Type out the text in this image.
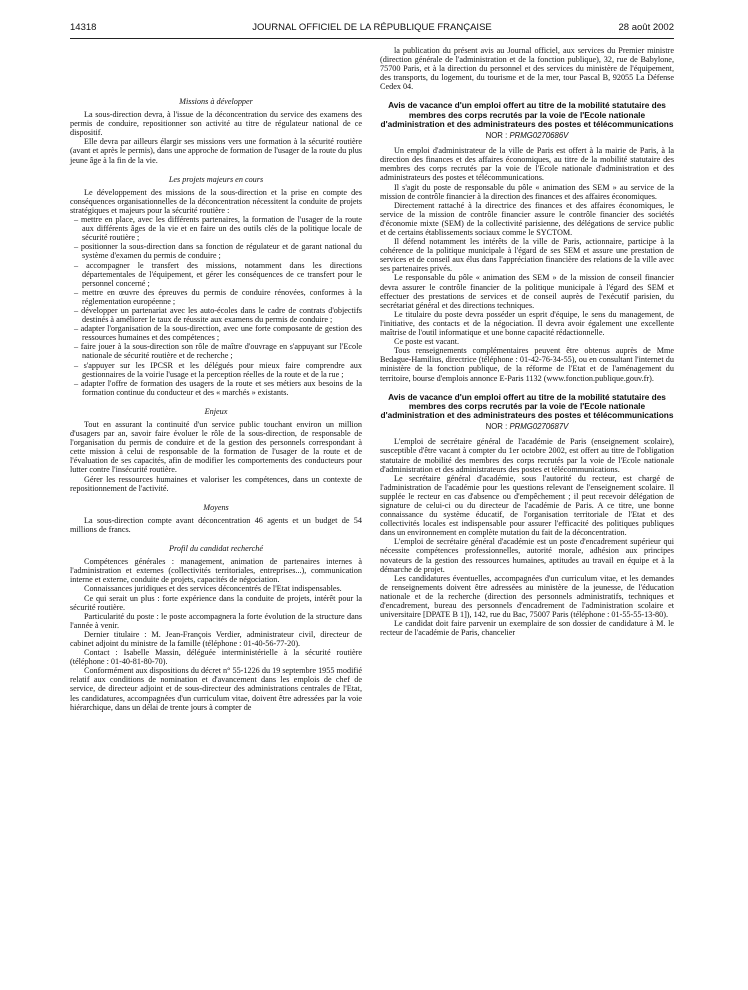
14318	JOURNAL OFFICIEL DE LA RÉPUBLIQUE FRANÇAISE	28 août 2002
Missions à développer

La sous-direction devra, à l'issue de la déconcentration du service des examens des permis de conduire, repositionner son activité au titre de régulateur national de ce dispositif.

Elle devra par ailleurs élargir ses missions vers une formation à la sécurité routière (avant et après le permis), dans une approche de formation de l'usager de la route du plus jeune âge à la fin de la vie.

Les projets majeurs en cours

Le développement des missions de la sous-direction et la prise en compte des conséquences organisationnelles de la déconcentration nécessitent la conduite de projets stratégiques et majeurs pour la sécurité routière :

– mettre en place, avec les différents partenaires, la formation de l'usager de la route aux différents âges de la vie et en faire un des outils clés de la politique locale de sécurité routière ;
– positionner la sous-direction dans sa fonction de régulateur et de garant national du système d'examen du permis de conduire ;
– accompagner le transfert des missions, notamment dans les directions départementales de l'équipement, et gérer les conséquences de ce transfert pour le personnel concerné ;
– mettre en œuvre des épreuves du permis de conduire rénovées, conformes à la réglementation européenne ;
– développer un partenariat avec les auto-écoles dans le cadre de contrats d'objectifs destinés à améliorer le taux de réussite aux examens du permis de conduire ;
– adapter l'organisation de la sous-direction, avec une forte composante de gestion des ressources humaines et des compétences ;
– faire jouer à la sous-direction son rôle de maître d'ouvrage en s'appuyant sur l'Ecole nationale de sécurité routière et de recherche ;
– s'appuyer sur les IPCSR et les délégués pour mieux faire comprendre aux gestionnaires de la voirie l'usage et la perception réelles de la route et de la rue ;
– adapter l'offre de formation des usagers de la route et ses métiers aux besoins de la formation continue du conducteur et des « marchés » existants.
Enjeux

Tout en assurant la continuité d'un service public touchant environ un million d'usagers par an, savoir faire évoluer le rôle de la sous-direction, de responsable de l'organisation du permis de conduire et de la gestion des personnels correspondant à cette mission à celui de responsable de la formation de l'usager de la route et de l'évaluation de ses capacités, afin de modifier les comportements des conducteurs pour lutter contre l'insécurité routière.

Gérer les ressources humaines et valoriser les compétences, dans un contexte de repositionnement de l'activité.

Moyens

La sous-direction compte avant déconcentration 46 agents et un budget de 54 millions de francs.

Profil du candidat recherché

Compétences générales : management, animation de partenaires internes à l'administration et externes (collectivités territoriales, entreprises...), communication interne et externe, conduite de projets, capacités de négociation.

Connaissances juridiques et des services déconcentrés de l'Etat indispensables.

Ce qui serait un plus : forte expérience dans la conduite de projets, intérêt pour la sécurité routière.

Particularité du poste : le poste accompagnera la forte évolution de la structure dans l'année à venir.

Dernier titulaire : M. Jean-François Verdier, administrateur civil, directeur de cabinet adjoint du ministre de la famille (téléphone : 01-40-56-77-20).

Contact : Isabelle Massin, déléguée interministérielle à la sécurité routière (téléphone : 01-40-81-80-70).

Conformément aux dispositions du décret n° 55-1226 du 19 septembre 1955 modifié relatif aux conditions de nomination et d'avancement dans les emplois de chef de service, de directeur adjoint et de sous-directeur des administrations centrales de l'Etat, les candidatures, accompagnées d'un curriculum vitae, doivent être adressées par la voie hiérarchique, dans un délai de trente jours à compter de

la publication du présent avis au Journal officiel, aux services du Premier ministre (direction générale de l'administration et de la fonction publique), 32, rue de Babylone, 75700 Paris, et à la direction du personnel et des services du ministère de l'équipement, des transports, du logement, du tourisme et de la mer, tour Pascal B, 92055 La Défense Cedex 04.

Avis de vacance d'un emploi offert au titre de la mobilité statutaire des membres des corps recrutés par la voie de l'Ecole nationale d'administration et des administrateurs des postes et télécommunications
NOR : PRMG0270686V

Un emploi d'administrateur de la ville de Paris est offert à la mairie de Paris, à la direction des finances et des affaires économiques, au titre de la mobilité statutaire des membres des corps recrutés par la voie de l'Ecole nationale d'administration et des administrateurs des postes et télécommunications.

Il s'agit du poste de responsable du pôle « animation des SEM » au service de la mission de contrôle financier à la direction des finances et des affaires économiques.

Directement rattaché à la directrice des finances et des affaires économiques, le service de la mission de contrôle financier assure le contrôle financier des sociétés d'économie mixte (SEM) de la collectivité parisienne, des délégations de service public et de certains établissements sociaux comme le SYCTOM.

Il défend notamment les intérêts de la ville de Paris, actionnaire, participe à la cohérence de la politique municipale à l'égard de ses SEM et assure une prestation de services et de conseil aux élus dans l'appréciation financière des relations de la ville avec ses partenaires privés.

Le responsable du pôle « animation des SEM » de la mission de conseil financier devra assurer le contrôle financier de la politique municipale à l'égard des SEM et effectuer des prestations de services et de conseil auprès de l'exécutif parisien, du secrétariat général et des directions techniques.

Le titulaire du poste devra posséder un esprit d'équipe, le sens du management, de l'initiative, des contacts et de la négociation. Il devra avoir également une excellente maîtrise de l'outil informatique et une bonne capacité rédactionnelle.

Ce poste est vacant.

Tous renseignements complémentaires peuvent être obtenus auprès de Mme Bedague-Hamilius, directrice (téléphone : 01-42-76-34-55), ou en consultant l'internet du ministère de la fonction publique, de la réforme de l'Etat et de l'aménagement du territoire, bourse d'emplois annonce E-Paris 1132 (www.fonction.publique.gouv.fr).

Avis de vacance d'un emploi offert au titre de la mobilité statutaire des membres des corps recrutés par la voie de l'Ecole nationale d'administration et des administrateurs des postes et télécommunications
NOR : PRMG0270687V

L'emploi de secrétaire général de l'académie de Paris (enseignement scolaire), susceptible d'être vacant à compter du 1er octobre 2002, est offert au titre de l'obligation statutaire de mobilité des membres des corps recrutés par la voie de l'Ecole nationale d'administration et des administrateurs des postes et télécommunications.

Le secrétaire général d'académie, sous l'autorité du recteur, est chargé de l'administration de l'académie pour les questions relevant de l'enseignement scolaire. Il supplée le recteur en cas d'absence ou d'empêchement ; il peut recevoir délégation de signature de celui-ci ou du directeur de l'académie de Paris. A ce titre, une bonne connaissance du système éducatif, de l'organisation territoriale de l'Etat et des collectivités locales est indispensable pour assurer l'efficacité des politiques publiques dans un environnement en complète mutation du fait de la déconcentration.

L'emploi de secrétaire général d'académie est un poste d'encadrement supérieur qui nécessite compétences professionnelles, autorité morale, adhésion aux principes novateurs de la gestion des ressources humaines, aptitudes au travail en équipe et à la démarche de projet.

Les candidatures éventuelles, accompagnées d'un curriculum vitae, et les demandes de renseignements doivent être adressées au ministère de la jeunesse, de l'éducation nationale et de la recherche (direction des personnels administratifs, techniques et d'encadrement, bureau des personnels d'encadrement de l'administration scolaire et universitaire [DPATE B 1]), 142, rue du Bac, 75007 Paris (téléphone : 01-55-55-13-80).

Le candidat doit faire parvenir un exemplaire de son dossier de candidature à M. le recteur de l'académie de Paris, chancelier
